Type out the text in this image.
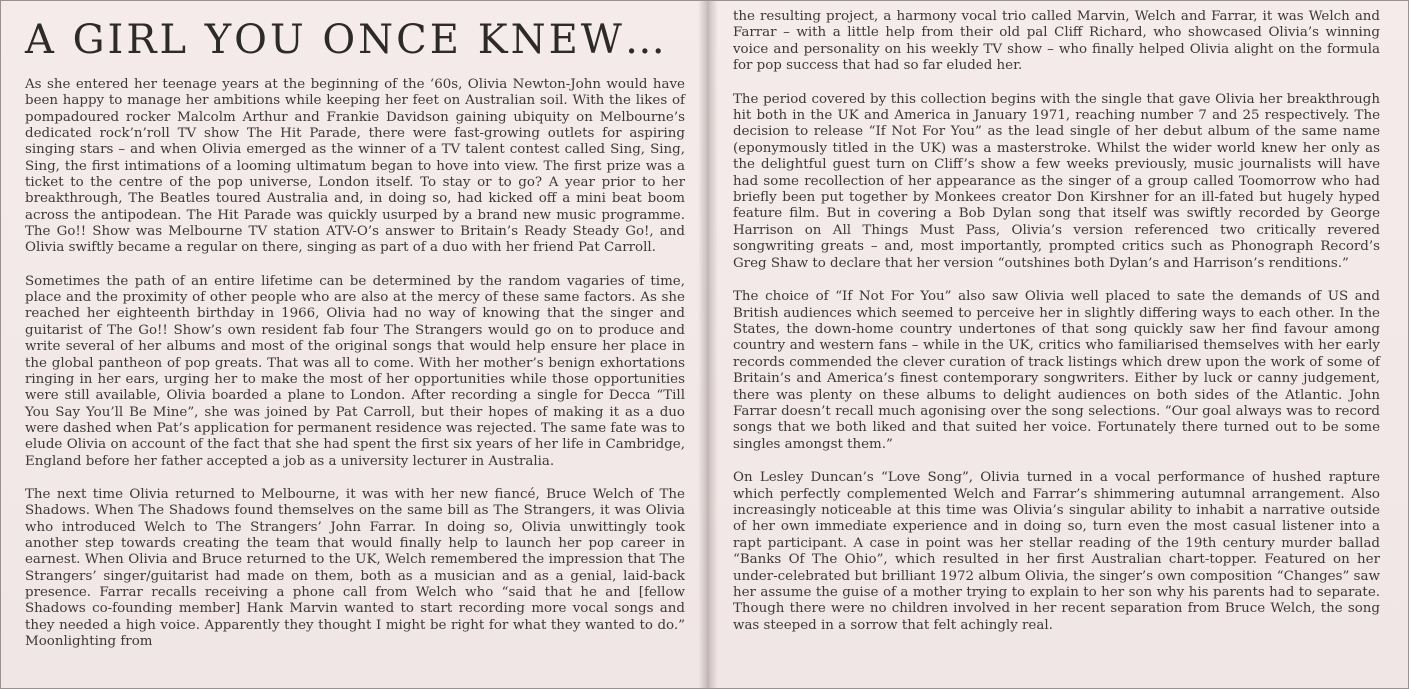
A GIRL YOU ONCE KNEW…

As she entered her teenage years at the beginning of the ‘60s, Olivia Newton-John would have been happy to manage her ambitions while keeping her feet on Australian soil. With the likes of pompadoured rocker Malcolm Arthur and Frankie Davidson gaining ubiquity on Melbourne’s dedicated rock’n’roll TV show The Hit Parade, there were fast-growing outlets for aspiring singing stars – and when Olivia emerged as the winner of a TV talent contest called Sing, Sing, Sing, the first intimations of a looming ultimatum began to hove into view. The first prize was a ticket to the centre of the pop universe, London itself. To stay or to go? A year prior to her breakthrough, The Beatles toured Australia and, in doing so, had kicked off a mini beat boom across the antipodean. The Hit Parade was quickly usurped by a brand new music programme. The Go!! Show was Melbourne TV station ATV-O’s answer to Britain’s Ready Steady Go!, and Olivia swiftly became a regular on there, singing as part of a duo with her friend Pat Carroll.

Sometimes the path of an entire lifetime can be determined by the random vagaries of time, place and the proximity of other people who are also at the mercy of these same factors. As she reached her eighteenth birthday in 1966, Olivia had no way of knowing that the singer and guitarist of The Go!! Show’s own resident fab four The Strangers would go on to produce and write several of her albums and most of the original songs that would help ensure her place in the global pantheon of pop greats. That was all to come. With her mother’s benign exhortations ringing in her ears, urging her to make the most of her opportunities while those opportunities were still available, Olivia boarded a plane to London. After recording a single for Decca “Till You Say You’ll Be Mine”, she was joined by Pat Carroll, but their hopes of making it as a duo were dashed when Pat’s application for permanent residence was rejected. The same fate was to elude Olivia on account of the fact that she had spent the first six years of her life in Cambridge, England before her father accepted a job as a university lecturer in Australia.

The next time Olivia returned to Melbourne, it was with her new fiancé, Bruce Welch of The Shadows. When The Shadows found themselves on the same bill as The Strangers, it was Olivia who introduced Welch to The Strangers’ John Farrar. In doing so, Olivia unwittingly took another step towards creating the team that would finally help to launch her pop career in earnest. When Olivia and Bruce returned to the UK, Welch remembered the impression that The Strangers’ singer/guitarist had made on them, both as a musician and as a genial, laid-back presence. Farrar recalls receiving a phone call from Welch who “said that he and [fellow Shadows co-founding member] Hank Marvin wanted to start recording more vocal songs and they needed a high voice. Apparently they thought I might be right for what they wanted to do.” Moonlighting from

the resulting project, a harmony vocal trio called Marvin, Welch and Farrar, it was Welch and Farrar – with a little help from their old pal Cliff Richard, who showcased Olivia’s winning voice and personality on his weekly TV show – who finally helped Olivia alight on the formula for pop success that had so far eluded her.

The period covered by this collection begins with the single that gave Olivia her breakthrough hit both in the UK and America in January 1971, reaching number 7 and 25 respectively. The decision to release “If Not For You” as the lead single of her debut album of the same name (eponymously titled in the UK) was a masterstroke. Whilst the wider world knew her only as the delightful guest turn on Cliff’s show a few weeks previously, music journalists will have had some recollection of her appearance as the singer of a group called Toomorrow who had briefly been put together by Monkees creator Don Kirshner for an ill-fated but hugely hyped feature film. But in covering a Bob Dylan song that itself was swiftly recorded by George Harrison on All Things Must Pass, Olivia’s version referenced two critically revered songwriting greats – and, most importantly, prompted critics such as Phonograph Record’s Greg Shaw to declare that her version “outshines both Dylan’s and Harrison’s renditions.”

The choice of “If Not For You” also saw Olivia well placed to sate the demands of US and British audiences which seemed to perceive her in slightly differing ways to each other. In the States, the down-home country undertones of that song quickly saw her find favour among country and western fans – while in the UK, critics who familiarised themselves with her early records commended the clever curation of track listings which drew upon the work of some of Britain’s and America’s finest contemporary songwriters. Either by luck or canny judgement, there was plenty on these albums to delight audiences on both sides of the Atlantic. John Farrar doesn’t recall much agonising over the song selections. “Our goal always was to record songs that we both liked and that suited her voice. Fortunately there turned out to be some singles amongst them.”

On Lesley Duncan’s “Love Song”, Olivia turned in a vocal performance of hushed rapture which perfectly complemented Welch and Farrar’s shimmering autumnal arrangement. Also increasingly noticeable at this time was Olivia’s singular ability to inhabit a narrative outside of her own immediate experience and in doing so, turn even the most casual listener into a rapt participant. A case in point was her stellar reading of the 19th century murder ballad “Banks Of The Ohio”, which resulted in her first Australian chart-topper. Featured on her under-celebrated but brilliant 1972 album Olivia, the singer’s own composition “Changes” saw her assume the guise of a mother trying to explain to her son why his parents had to separate. Though there were no children involved in her recent separation from Bruce Welch, the song was steeped in a sorrow that felt achingly real.
